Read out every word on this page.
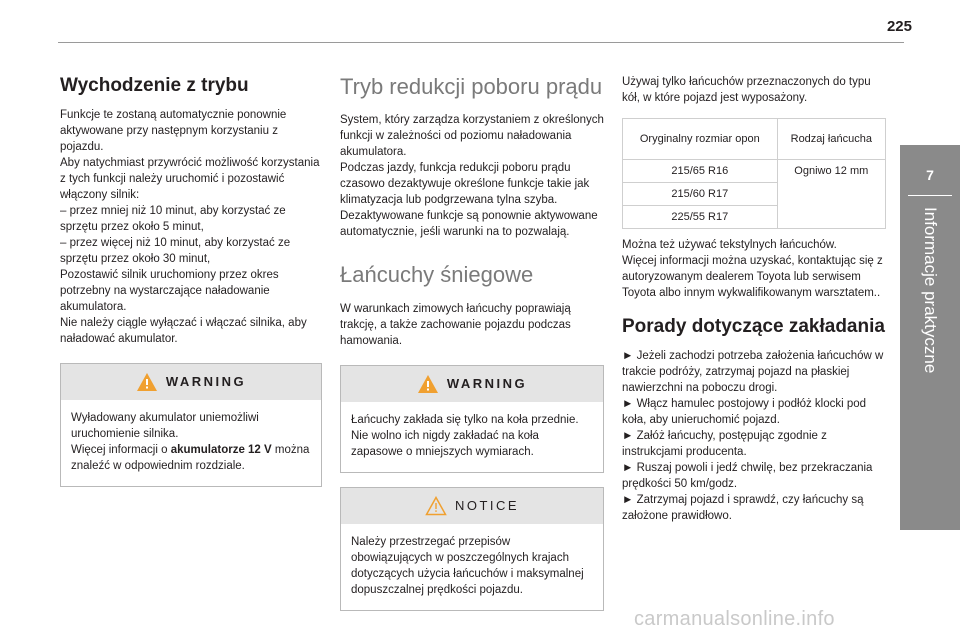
225
7
Informacje praktyczne
Wychodzenie z trybu

Funkcje te zostaną automatycznie ponownie aktywowane przy następnym korzystaniu z pojazdu.

Aby natychmiast przywrócić możliwość korzystania z tych funkcji należy uruchomić i pozostawić włączony silnik:

– przez mniej niż 10 minut, aby korzystać ze sprzętu przez około 5 minut,

– przez więcej niż 10 minut, aby korzystać ze sprzętu przez około 30 minut,

Pozostawić silnik uruchomiony przez okres potrzebny na wystarczające naładowanie akumulatora.

Nie należy ciągle wyłączać i włączać silnika, aby naładować akumulator.

WARNING

Wyładowany akumulator uniemożliwi uruchomienie silnika.

Więcej informacji o akumulatorze 12 V można znaleźć w odpowiednim rozdziale.

Tryb redukcji poboru prądu

System, który zarządza korzystaniem z określonych funkcji w zależności od poziomu naładowania akumulatora.

Podczas jazdy, funkcja redukcji poboru prądu czasowo dezaktywuje określone funkcje takie jak klimatyzacja lub podgrzewana tylna szyba.

Dezaktywowane funkcje są ponownie aktywowane automatycznie, jeśli warunki na to pozwalają.

Łańcuchy śniegowe

W warunkach zimowych łańcuchy poprawiają trakcję, a także zachowanie pojazdu podczas hamowania.

WARNING

Łańcuchy zakłada się tylko na koła przednie. Nie wolno ich nigdy zakładać na koła zapasowe o mniejszych wymiarach.

NOTICE

Należy przestrzegać przepisów obowiązujących w poszczególnych krajach dotyczących użycia łańcuchów i maksymalnej dopuszczalnej prędkości pojazdu.

Używaj tylko łańcuchów przeznaczonych do typu kół, w które pojazd jest wyposażony.

Oryginalny rozmiar opon	Rodzaj łańcucha
215/65 R16	Ogniwo 12 mm
215/60 R17	
225/55 R17	

Można też używać tekstylnych łańcuchów.

Więcej informacji można uzyskać, kontaktując się z autoryzowanym dealerem Toyota lub serwisem Toyota albo innym wykwalifikowanym warsztatem..

Porady dotyczące zakładania

► Jeżeli zachodzi potrzeba założenia łańcuchów w trakcie podróży, zatrzymaj pojazd na płaskiej nawierzchni na poboczu drogi.

► Włącz hamulec postojowy i podłóż klocki pod koła, aby unieruchomić pojazd.

► Załóż łańcuchy, postępując zgodnie z instrukcjami producenta.

► Ruszaj powoli i jedź chwilę, bez przekraczania prędkości 50 km/godz.

► Zatrzymaj pojazd i sprawdź, czy łańcuchy są założone prawidłowo.

carmanualsonline.info
